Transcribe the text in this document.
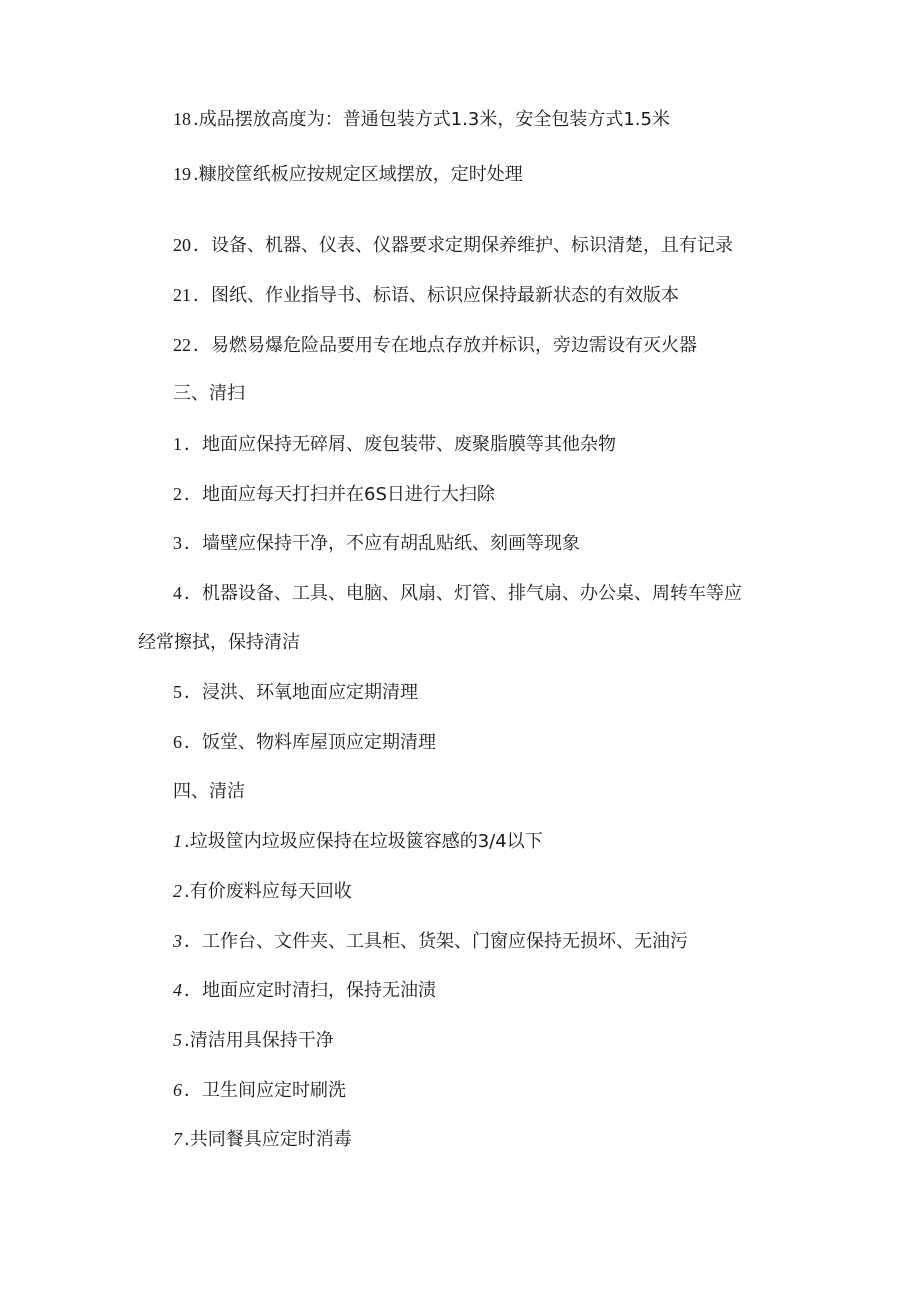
18 .成品摆放高度为：普通包装方式1.3米，安全包装方式1.5米
19 .糠胶筐纸板应按规定区域摆放，定时处理
20 ．设备、机器、仪表、仪器要求定期保养维护、标识清楚，且有记录
21 ．图纸、作业指导书、标语、标识应保持最新状态的有效版本
22 ．易燃易爆危险品要用专在地点存放并标识，旁边需设有灭火器
三、清扫
1 ．地面应保持无碎屑、废包装带、废聚脂膜等其他杂物
2 ．地面应每天打扫并在6S日进行大扫除
3 ．墙壁应保持干净，不应有胡乱贴纸、刻画等现象
4 ．机器设备、工具、电脑、风扇、灯管、排气扇、办公桌、周转车等应
经常擦拭，保持清洁
5 ．浸洪、环氧地面应定期清理
6 ．饭堂、物料库屋顶应定期清理
四、清洁
1 .垃圾筐内垃圾应保持在垃圾篋容感的3/4以下
2 .有价废料应每天回收
3 ．工作台、文件夹、工具柜、货架、门窗应保持无损坏、无油污
4 ．地面应定时清扫，保持无油渍
5 .清洁用具保持干净
6 ．卫生间应定时刷洗
7 .共同餐具应定时消毒
